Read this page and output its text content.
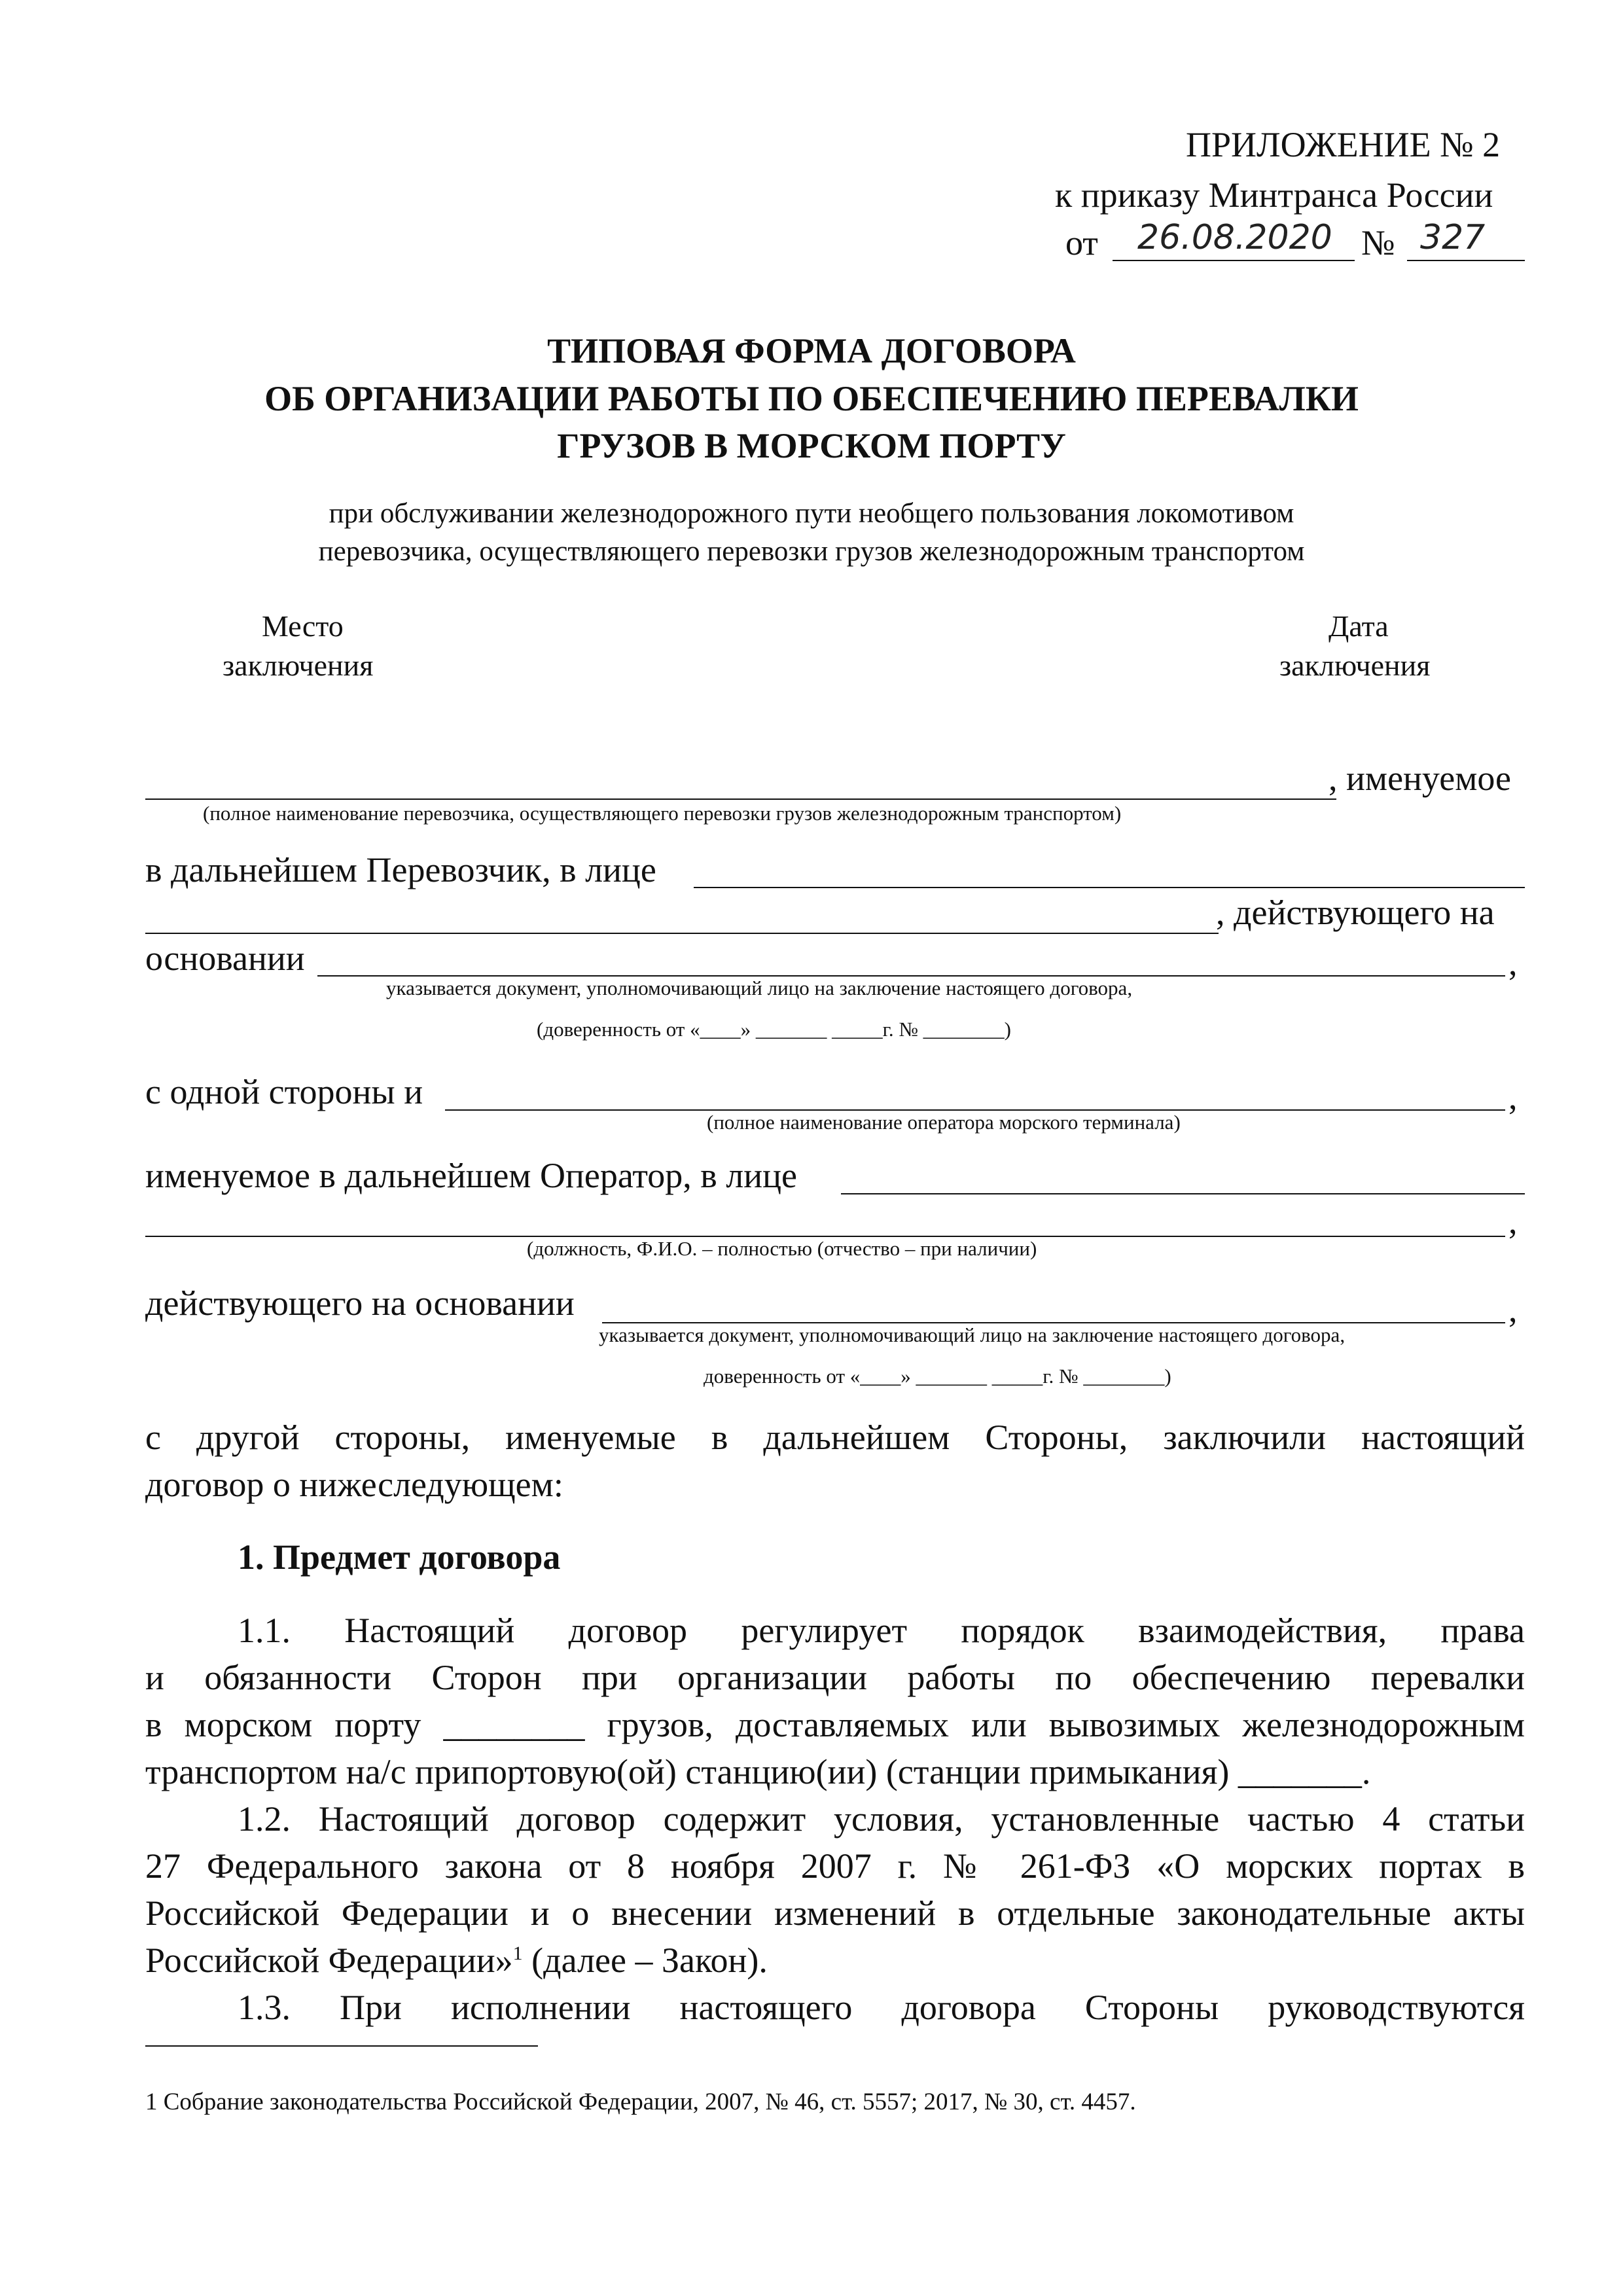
ПРИЛОЖЕНИЕ № 2
к приказу Минтранса России
от 26.08.2020 № 327
ТИПОВАЯ ФОРМА ДОГОВОРА
ОБ ОРГАНИЗАЦИИ РАБОТЫ ПО ОБЕСПЕЧЕНИЮ ПЕРЕВАЛКИ
ГРУЗОВ В МОРСКОМ ПОРТУ
при обслуживании железнодорожного пути необщего пользования локомотивом
перевозчика, осуществляющего перевозки грузов железнодорожным транспортом
Место
заключения
Дата
заключения
, именуемое
(полное наименование перевозчика, осуществляющего перевозки грузов железнодорожным транспортом)
в дальнейшем Перевозчик, в лице
, действующего на
основании	,
указывается документ, уполномочивающий лицо на заключение настоящего договора,
(доверенность от «____» _______ _____г. № ________)
с одной стороны и	,
(полное наименование оператора морского терминала)
именуемое в дальнейшем Оператор, в лице
,
(должность, Ф.И.О. – полностью (отчество – при наличии)
действующего на основании	,
указывается документ, уполномочивающий лицо на заключение настоящего договора,
доверенность от «____» _______ _____г. № ________)
с другой стороны, именуемые в дальнейшем Стороны, заключили настоящий
договор о нижеследующем:
1. Предмет договора
1.1. Настоящий договор регулирует порядок взаимодействия, права
и обязанности Сторон при организации работы по обеспечению перевалки
в морском порту ________ грузов, доставляемых или вывозимых железнодорожным
транспортом на/с припортовую(ой) станцию(ии) (станции примыкания) _______.
1.2. Настоящий договор содержит условия, установленные частью 4 статьи
27 Федерального закона от 8 ноября 2007 г. № 261-ФЗ «О морских портах в
Российской Федерации и о внесении изменений в отдельные законодательные акты
Российской Федерации»$^1$ (далее – Закон).
1.3. При исполнении настоящего договора Стороны руководствуются
1 Собрание законодательства Российской Федерации, 2007, № 46, ст. 5557; 2017, № 30, ст. 4457.
